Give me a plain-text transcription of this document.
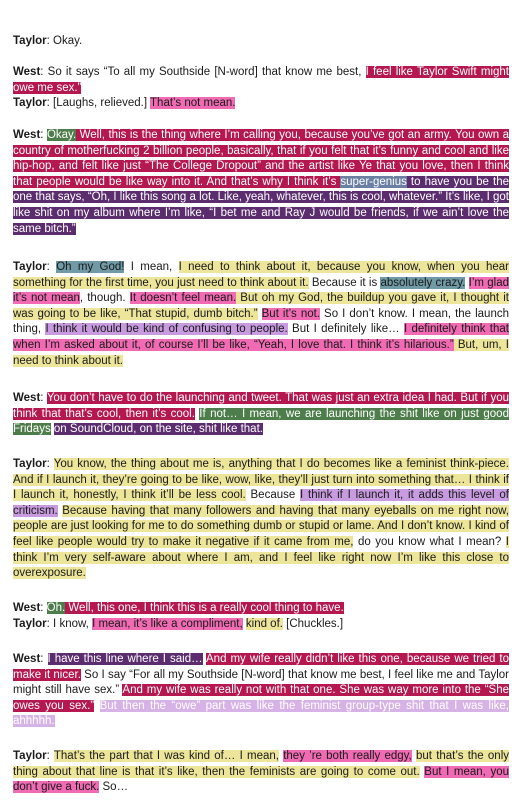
Taylor: Okay.

West: So it says “To all my Southside [N-word] that know me best, I feel like Taylor Swift might owe me sex.”
Taylor: [Laughs, relieved.] That’s not mean.

West: Okay. Well, this is the thing where I’m calling you, because you’ve got an army. You own a country of motherfucking 2 billion people, basically, that if you felt that it’s funny and cool and like hip-hop, and felt like just “The College Dropout” and the artist like Ye that you love, then I think that people would be like way into it. And that’s why I think it’s super-genius to have you be the one that says, “Oh, I like this song a lot. Like, yeah, whatever, this is cool, whatever.” It’s like, I got like shit on my album where I’m like, “I bet me and Ray J would be friends, if we ain’t love the same bitch.”

Taylor: Oh my God! I mean, I need to think about it, because you know, when you hear something for the first time, you just need to think about it. Because it is absolutely crazy. I’m glad it’s not mean, though. It doesn’t feel mean. But oh my God, the buildup you gave it, I thought it was going to be like, “That stupid, dumb bitch.” But it’s not. So I don’t know. I mean, the launch thing, I think it would be kind of confusing to people. But I definitely like… I definitely think that when I’m asked about it, of course I’ll be like, “Yeah, I love that. I think it’s hilarious.” But, um, I need to think about it.

West: You don’t have to do the launching and tweet. That was just an extra idea I had. But if you think that that’s cool, then it’s cool. If not… I mean, we are launching the shit like on just good Fridays on SoundCloud, on the site, shit like that.

Taylor: You know, the thing about me is, anything that I do becomes like a feminist think-piece. And if I launch it, they’re going to be like, wow, like, they’ll just turn into something that… I think if I launch it, honestly, I think it’ll be less cool. Because I think if I launch it, it adds this level of criticism. Because having that many followers and having that many eyeballs on me right now, people are just looking for me to do something dumb or stupid or lame. And I don’t know. I kind of feel like people would try to make it negative if it came from me, do you know what I mean? I think I’m very self-aware about where I am, and I feel like right now I’m like this close to overexposure.

West: Oh. Well, this one, I think this is a really cool thing to have.
Taylor: I know, I mean, it’s like a compliment, kind of. [Chuckles.]

West: I have this line where I said… And my wife really didn’t like this one, because we tried to make it nicer. So I say “For all my Southside [N-word] that know me best, I feel like me and Taylor might still have sex.” And my wife was really not with that one. She was way more into the “She owes you sex.” But then the “owe” part was like the feminist group-type shit that I was like, ahhhhh.

Taylor: That’s the part that I was kind of… I mean, they ’re both really edgy, but that’s the only thing about that line is that it’s like, then the feminists are going to come out. But I mean, you don’t give a fuck. So…
